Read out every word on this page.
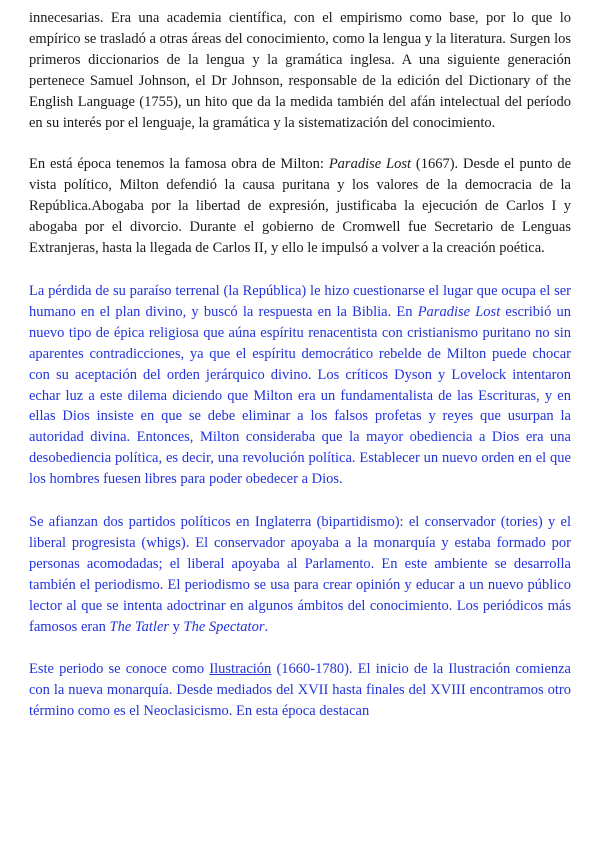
innecesarias. Era una academia científica, con el empirismo como base, por lo que lo empírico se trasladó a otras áreas del conocimiento, como la lengua y la literatura. Surgen los primeros diccionarios de la lengua y la gramática inglesa. A una siguiente generación pertenece Samuel Johnson, el Dr Johnson, responsable de la edición del Dictionary of the English Language (1755), un hito que da la medida también del afán intelectual del período en su interés por el lenguaje, la gramática y la sistematización del conocimiento.

En está época tenemos la famosa obra de Milton: Paradise Lost (1667). Desde el punto de vista político, Milton defendió la causa puritana y los valores de la democracia de la República.Abogaba por la libertad de expresión, justificaba la ejecución de Carlos I y abogaba por el divorcio. Durante el gobierno de Cromwell fue Secretario de Lenguas Extranjeras, hasta la llegada de Carlos II, y ello le impulsó a volver a la creación poética.

La pérdida de su paraíso terrenal (la República) le hizo cuestionarse el lugar que ocupa el ser humano en el plan divino, y buscó la respuesta en la Biblia. En Paradise Lost escribió un nuevo tipo de épica religiosa que aúna espíritu renacentista con cristianismo puritano no sin aparentes contradicciones, ya que el espíritu democrático rebelde de Milton puede chocar con su aceptación del orden jerárquico divino. Los críticos Dyson y Lovelock intentaron echar luz a este dilema diciendo que Milton era un fundamentalista de las Escrituras, y en ellas Dios insiste en que se debe eliminar a los falsos profetas y reyes que usurpan la autoridad divina. Entonces, Milton consideraba que la mayor obediencia a Dios era una desobediencia política, es decir, una revolución política. Establecer un nuevo orden en el que los hombres fuesen libres para poder obedecer a Dios.

Se afianzan dos partidos políticos en Inglaterra (bipartidismo): el conservador (tories) y el liberal progresista (whigs). El conservador apoyaba a la monarquía y estaba formado por personas acomodadas; el liberal apoyaba al Parlamento. En este ambiente se desarrolla también el periodismo. El periodismo se usa para crear opinión y educar a un nuevo público lector al que se intenta adoctrinar en algunos ámbitos del conocimiento. Los periódicos más famosos eran The Tatler y The Spectator.

Este periodo se conoce como Ilustración (1660-1780). El inicio de la Ilustración comienza con la nueva monarquía. Desde mediados del XVII hasta finales del XVIII encontramos otro término como es el Neoclasicismo. En esta época destacan
